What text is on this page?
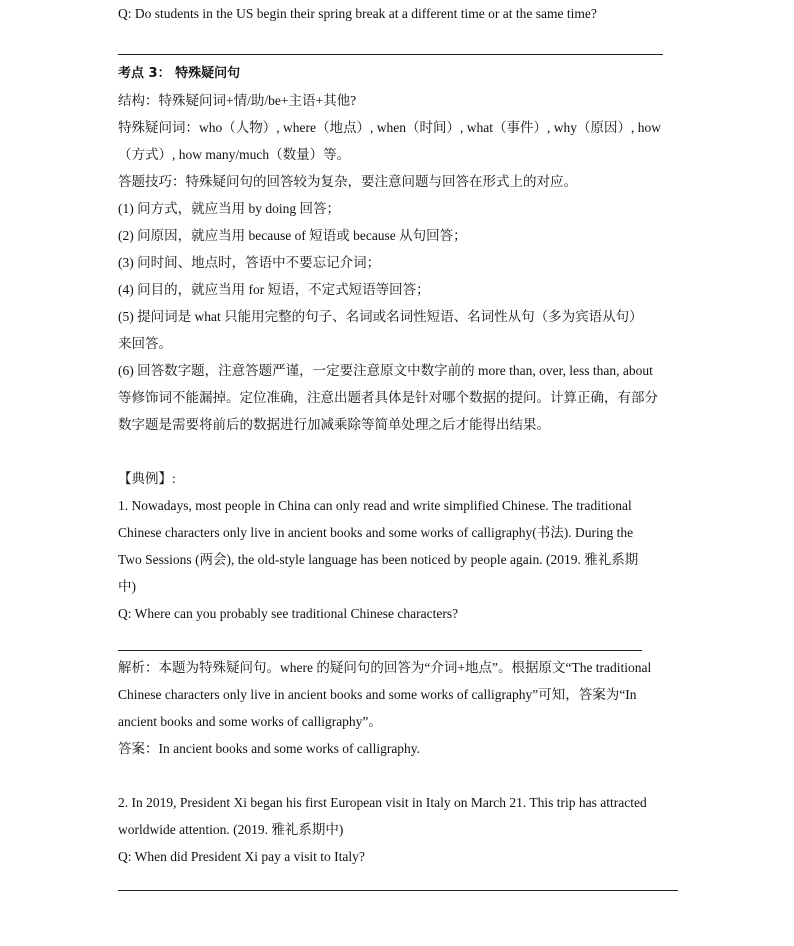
Q: Do students in the US begin their spring break at a different time or at the same time?
考点 3： 特殊疑问句
结构：特殊疑问词+情/助/be+主语+其他?
特殊疑问词：who（人物）, where（地点）, when（时间）, what（事件）, why（原因）, how
（方式）, how many/much（数量）等。
答题技巧：特殊疑问句的回答较为复杂，要注意问题与回答在形式上的对应。
(1) 问方式，就应当用 by doing 回答；
(2) 问原因，就应当用 because of 短语或 because 从句回答；
(3) 问时间、地点时，答语中不要忘记介词；
(4) 问目的，就应当用 for 短语，不定式短语等回答；
(5) 提问词是 what 只能用完整的句子、名词或名词性短语、名词性从句（多为宾语从句）
来回答。
(6) 回答数字题，注意答题严谨，一定要注意原文中数字前的 more than, over, less than, about
等修饰词不能漏掉。定位准确，注意出题者具体是针对哪个数据的提问。计算正确，有部分
数字题是需要将前后的数据进行加减乘除等简单处理之后才能得出结果。
【典例】:
1. Nowadays, most people in China can only read and write simplified Chinese. The traditional
Chinese characters only live in ancient books and some works of calligraphy(书法). During the
Two Sessions (两会), the old-style language has been noticed by people again. (2019. 雅礼系期
中)
Q: Where can you probably see traditional Chinese characters?
解析：本题为特殊疑问句。where 的疑问句的回答为“介词+地点”。根据原文“The traditional
Chinese characters only live in ancient books and some works of calligraphy”可知，答案为“In
ancient books and some works of calligraphy”。
答案：In ancient books and some works of calligraphy.
2. In 2019, President Xi began his first European visit in Italy on March 21. This trip has attracted
worldwide attention. (2019. 雅礼系期中)
Q: When did President Xi pay a visit to Italy?
